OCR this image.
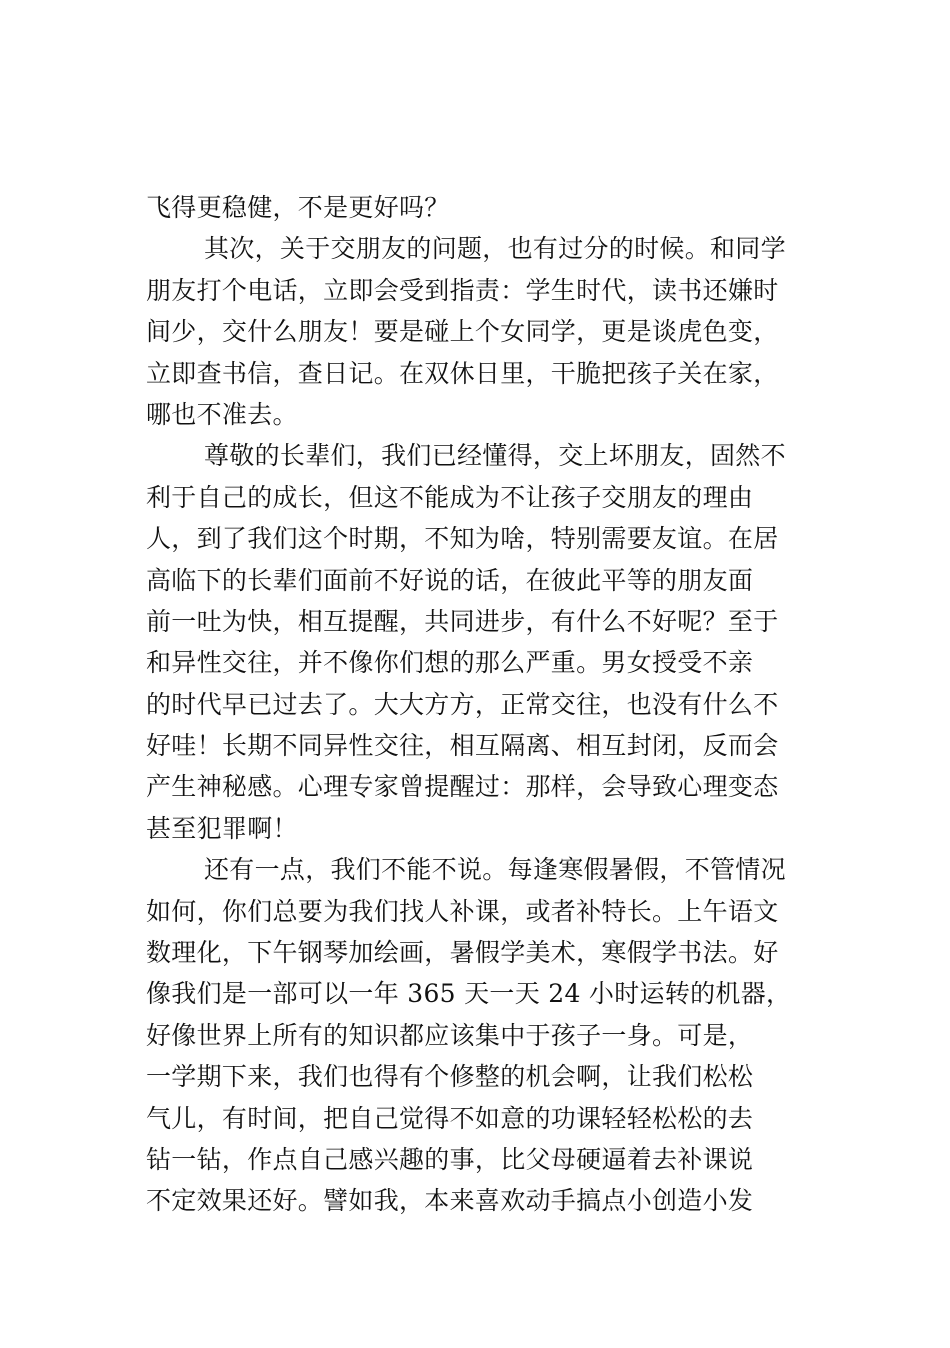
飞得更稳健，不是更好吗？

其次，关于交朋友的问题，也有过分的时候。和同学
朋友打个电话，立即会受到指责：学生时代，读书还嫌时
间少，交什么朋友！要是碰上个女同学，更是谈虎色变，
立即查书信，查日记。在双休日里，干脆把孩子关在家，
哪也不准去。

尊敬的长辈们，我们已经懂得，交上坏朋友，固然不
利于自己的成长，但这不能成为不让孩子交朋友的理由
人，到了我们这个时期，不知为啥，特别需要友谊。在居
高临下的长辈们面前不好说的话，在彼此平等的朋友面
前一吐为快，相互提醒，共同进步，有什么不好呢？至于
和异性交往，并不像你们想的那么严重。男女授受不亲
的时代早已过去了。大大方方，正常交往，也没有什么不
好哇！长期不同异性交往，相互隔离、相互封闭，反而会
产生神秘感。心理专家曾提醒过：那样，会导致心理变态
甚至犯罪啊！

还有一点，我们不能不说。每逢寒假暑假，不管情况
如何，你们总要为我们找人补课，或者补特长。上午语文
数理化，下午钢琴加绘画，暑假学美术，寒假学书法。好
像我们是一部可以一年 365 天一天 24 小时运转的机器，
好像世界上所有的知识都应该集中于孩子一身。可是，
一学期下来，我们也得有个修整的机会啊，让我们松松
气儿，有时间，把自己觉得不如意的功课轻轻松松的去
钻一钻，作点自己感兴趣的事，比父母硬逼着去补课说
不定效果还好。譬如我，本来喜欢动手搞点小创造小发
